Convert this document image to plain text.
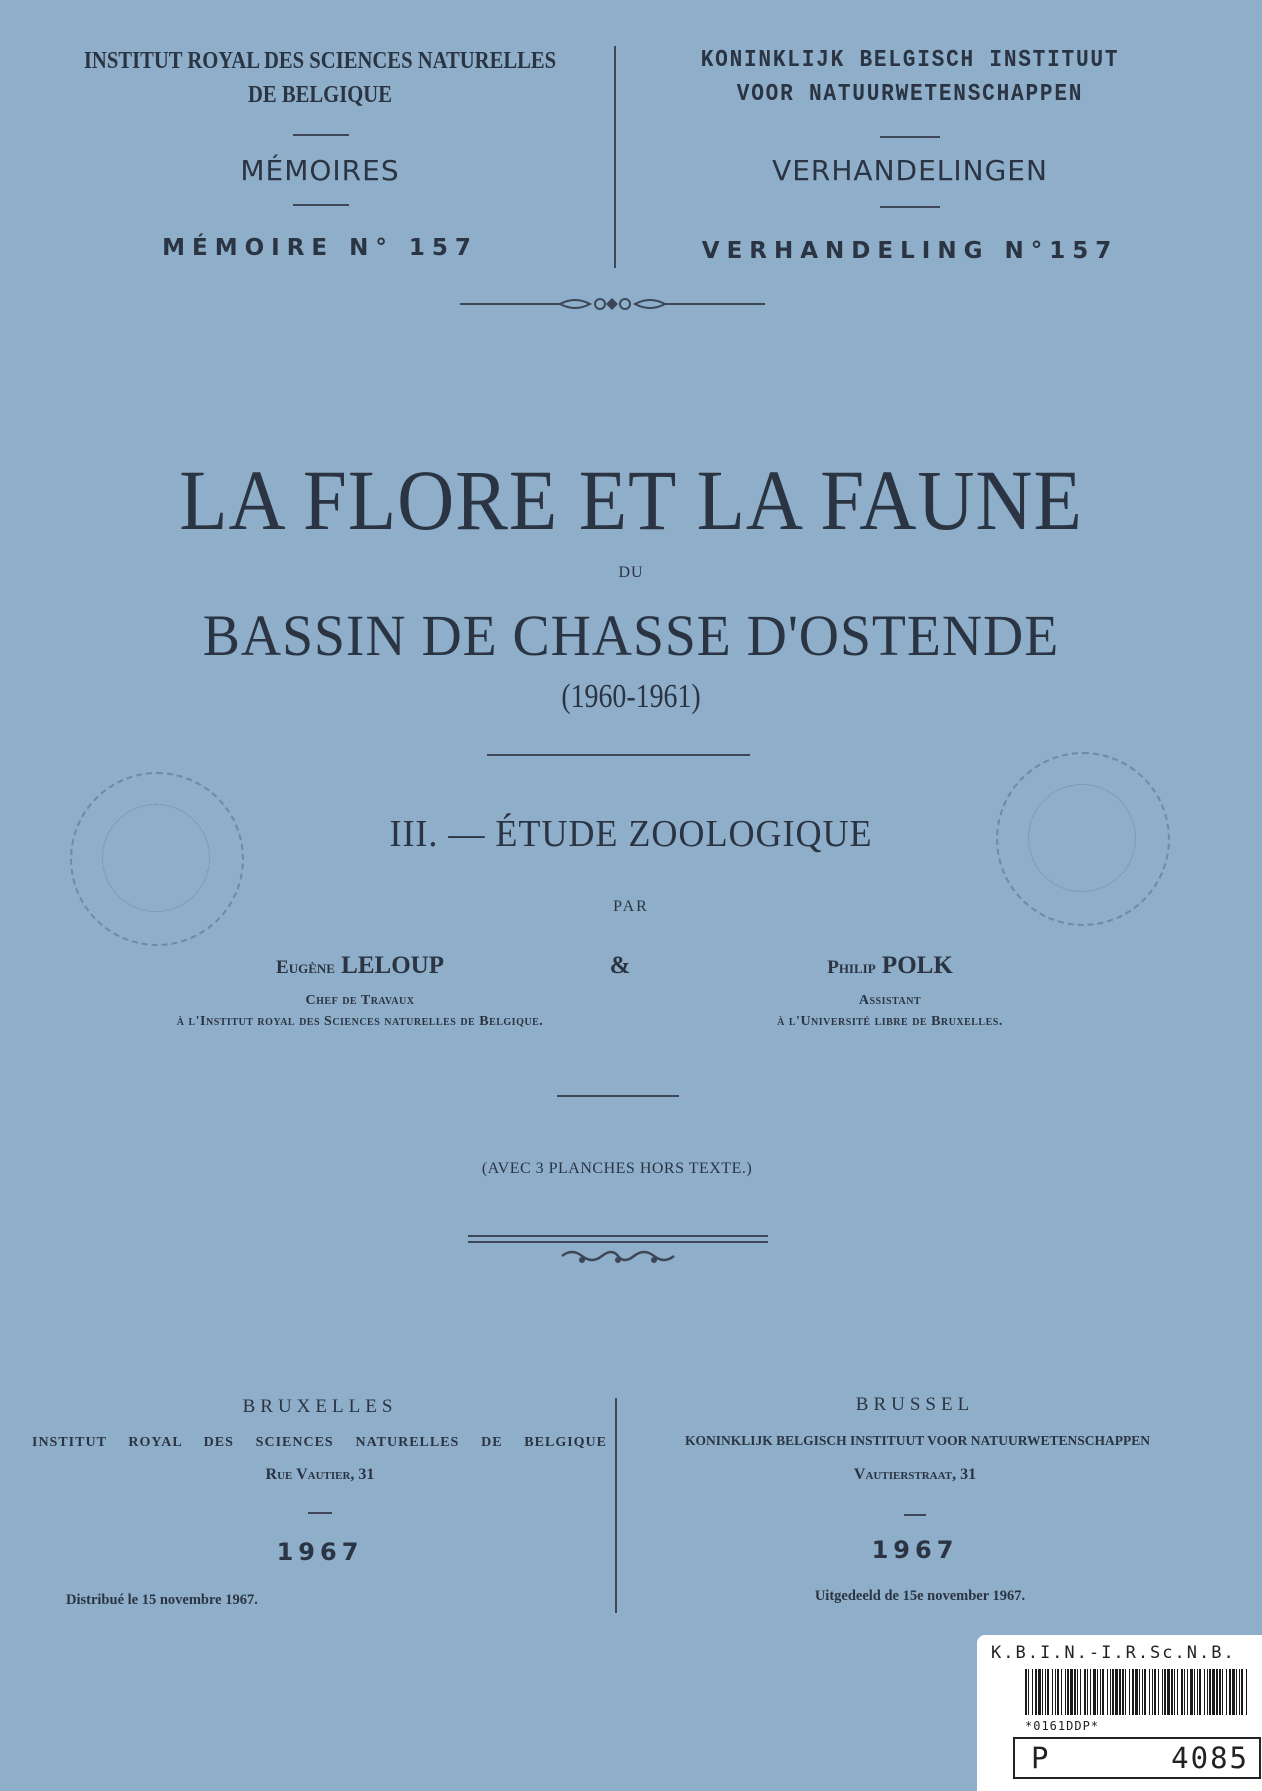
INSTITUT ROYAL DES SCIENCES NATURELLES
DE BELGIQUE
MÉMOIRES
MÉMOIRE N° 157
KONINKLIJK BELGISCH INSTITUUT
VOOR NATUURWETENSCHAPPEN
VERHANDELINGEN
VERHANDELING N°157
LA FLORE ET LA FAUNE
DU
BASSIN DE CHASSE D'OSTENDE
(1960-1961)
III. — ÉTUDE ZOOLOGIQUE
PAR
Eugène LELOUP	&	Philip POLK
Chef de Travaux
à l'Institut royal des Sciences naturelles de Belgique.
Assistant
à l'Université libre de Bruxelles.
(AVEC 3 PLANCHES HORS TEXTE.)
BRUXELLES
INSTITUT ROYAL DES SCIENCES NATURELLES DE BELGIQUE
Rue Vautier, 31
1967
Distribué le 15 novembre 1967.
BRUSSEL
KONINKLIJK BELGISCH INSTITUUT VOOR NATUURWETENSCHAPPEN
Vautierstraat, 31
1967
Uitgedeeld de 15e november 1967.
K.B.I.N.-I.R.Sc.N.B.
*0161DDP*
P	4085
